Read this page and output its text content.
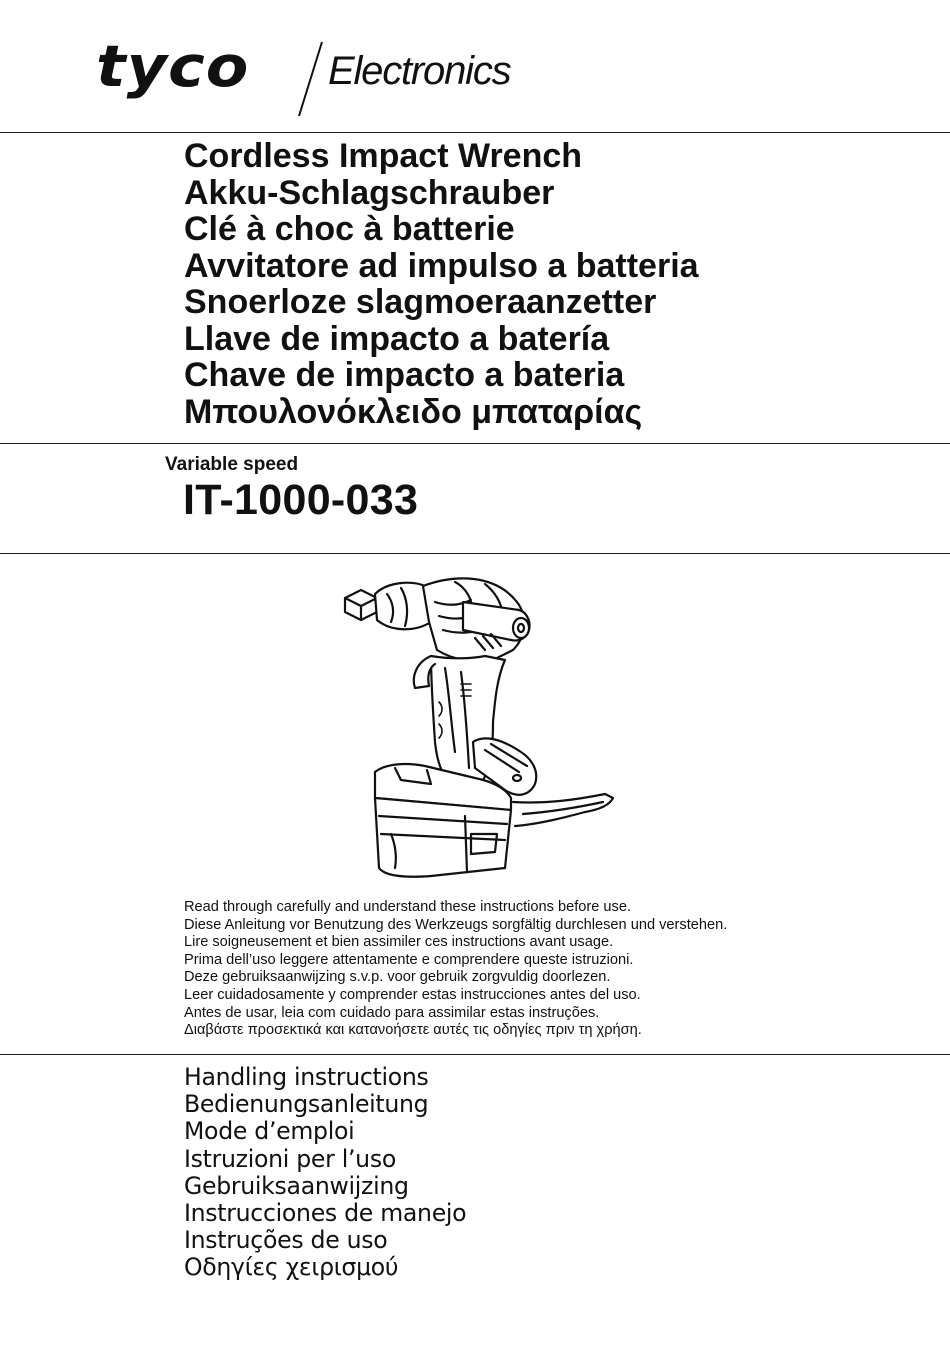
tyco Electronics
Cordless Impact Wrench
Akku-Schlagschrauber
Clé à choc à batterie
Avvitatore ad impulso a batteria
Snoerloze slagmoeraanzetter
Llave de impacto a batería
Chave de impacto a bateria
Μπουλονόκλειδο μπαταρίας
Variable speed
IT-1000-033
Read through carefully and understand these instructions before use.
Diese Anleitung vor Benutzung des Werkzeugs sorgfältig durchlesen und verstehen.
Lire soigneusement et bien assimiler ces instructions avant usage.
Prima dell’uso leggere attentamente e comprendere queste istruzioni.
Deze gebruiksaanwijzing s.v.p. voor gebruik zorgvuldig doorlezen.
Leer cuidadosamente y comprender estas instrucciones antes del uso.
Antes de usar, leia com cuidado para assimilar estas instruções.
Διαβάστε προσεκτικά και κατανοήσετε αυτές τις οδηγίες πριν τη χρήση.
Handling instructions
Bedienungsanleitung
Mode d’emploi
Istruzioni per l’uso
Gebruiksaanwijzing
Instrucciones de manejo
Instruções de uso
Οδηγίες χειρισμού
